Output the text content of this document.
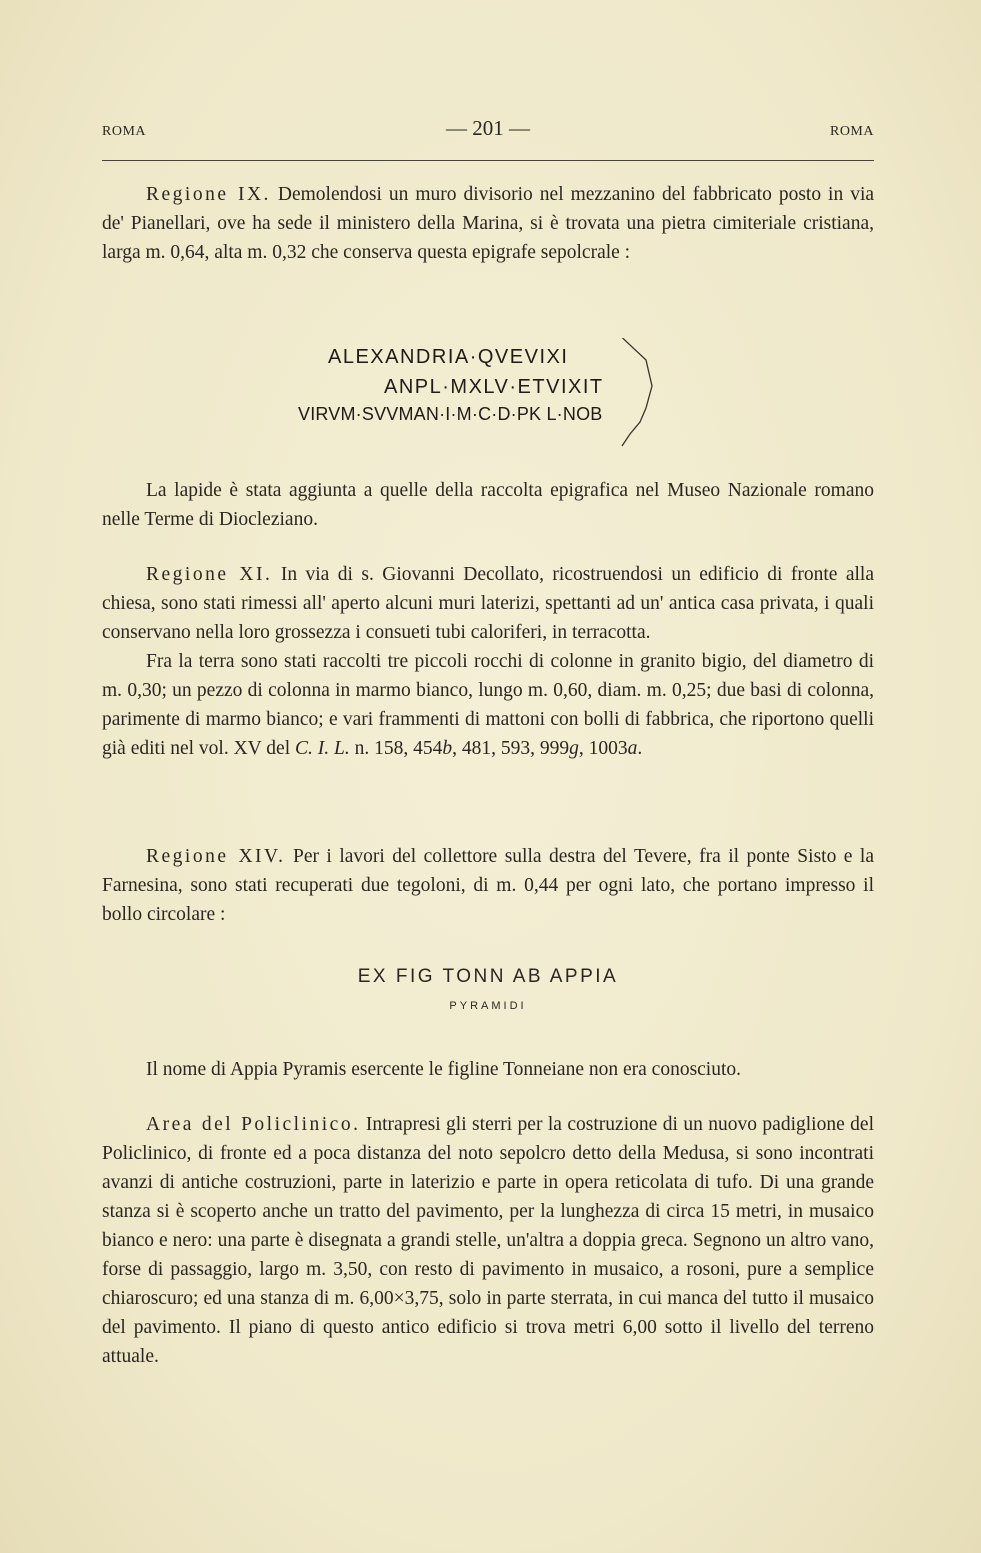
ROMA	— 201 —	ROMA

Regione IX. Demolendosi un muro divisorio nel mezzanino del fabbricato posto in via de' Pianellari, ove ha sede il ministero della Marina, si è trovata una pietra cimiteriale cristiana, larga m. 0,64, alta m. 0,32 che conserva questa epigrafe sepolcrale :

ALEXANDRIA·QVEVIXI
ANPL·MXLV·ETVIXIT
VIRVM·SVVMAN·I·M·C·D·PK L·NOB

La lapide è stata aggiunta a quelle della raccolta epigrafica nel Museo Nazionale romano nelle Terme di Diocleziano.

Regione XI. In via di s. Giovanni Decollato, ricostruendosi un edificio di fronte alla chiesa, sono stati rimessi all' aperto alcuni muri laterizi, spettanti ad un' antica casa privata, i quali conservano nella loro grossezza i consueti tubi caloriferi, in terracotta.

Fra la terra sono stati raccolti tre piccoli rocchi di colonne in granito bigio, del diametro di m. 0,30; un pezzo di colonna in marmo bianco, lungo m. 0,60, diam. m. 0,25; due basi di colonna, parimente di marmo bianco; e vari frammenti di mattoni con bolli di fabbrica, che riportono quelli già editi nel vol. XV del C. I. L. n. 158, 454b, 481, 593, 999g, 1003a.

Regione XIV. Per i lavori del collettore sulla destra del Tevere, fra il ponte Sisto e la Farnesina, sono stati recuperati due tegoloni, di m. 0,44 per ogni lato, che portano impresso il bollo circolare :

EX FIG TONN AB APPIA
PYRAMIDI

Il nome di Appia Pyramis esercente le figline Tonneiane non era conosciuto.

Area del Policlinico. Intrapresi gli sterri per la costruzione di un nuovo padiglione del Policlinico, di fronte ed a poca distanza del noto sepolcro detto della Medusa, si sono incontrati avanzi di antiche costruzioni, parte in laterizio e parte in opera reticolata di tufo. Di una grande stanza si è scoperto anche un tratto del pavimento, per la lunghezza di circa 15 metri, in musaico bianco e nero: una parte è disegnata a grandi stelle, un'altra a doppia greca. Segnono un altro vano, forse di passaggio, largo m. 3,50, con resto di pavimento in musaico, a rosoni, pure a semplice chiaroscuro; ed una stanza di m. 6,00×3,75, solo in parte sterrata, in cui manca del tutto il musaico del pavimento. Il piano di questo antico edificio si trova metri 6,00 sotto il livello del terreno attuale.
